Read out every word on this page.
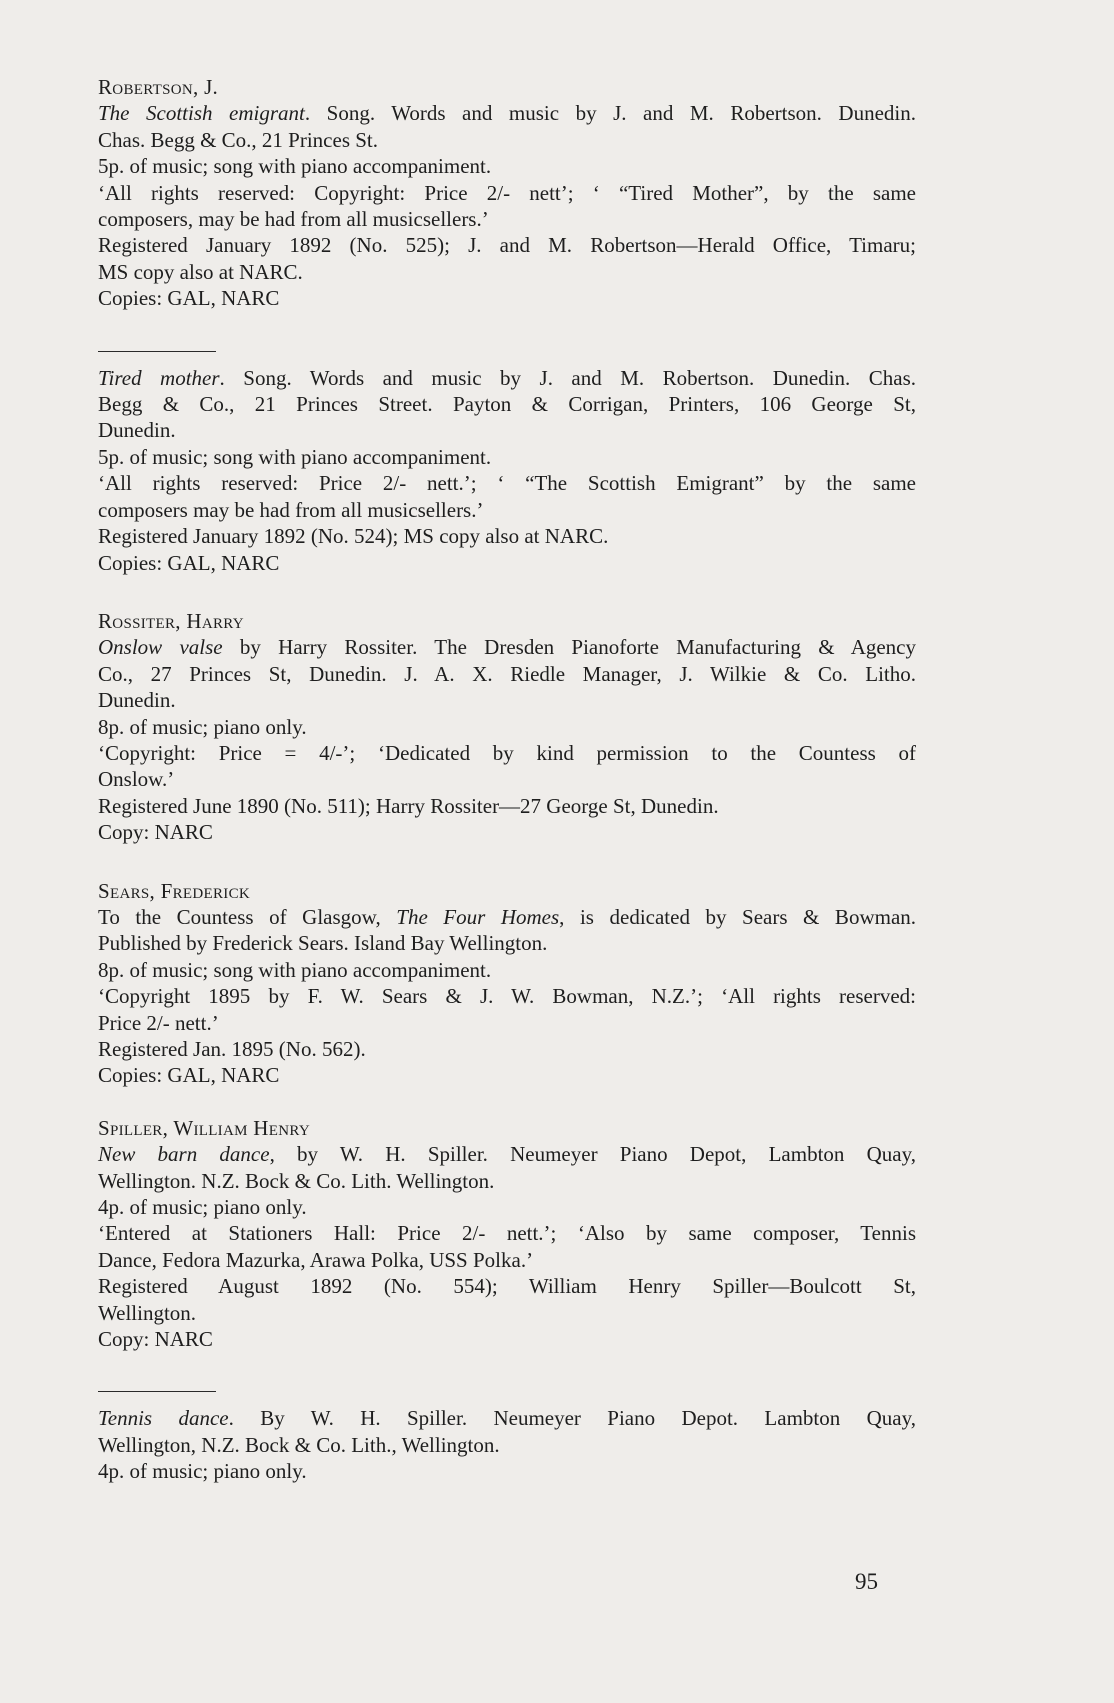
Robertson, J.
The Scottish emigrant. Song. Words and music by J. and M. Robertson. Dunedin.
Chas. Begg & Co., 21 Princes St.
5p. of music; song with piano accompaniment.
‘All rights reserved: Copyright: Price 2/- nett’; ‘ “Tired Mother”, by the same
composers, may be had from all musicsellers.’
Registered January 1892 (No. 525); J. and M. Robertson—Herald Office, Timaru;
MS copy also at NARC.
Copies: GAL, NARC
Tired mother. Song. Words and music by J. and M. Robertson. Dunedin. Chas.
Begg & Co., 21 Princes Street. Payton & Corrigan, Printers, 106 George St,
Dunedin.
5p. of music; song with piano accompaniment.
‘All rights reserved: Price 2/- nett.’; ‘ “The Scottish Emigrant” by the same
composers may be had from all musicsellers.’
Registered January 1892 (No. 524); MS copy also at NARC.
Copies: GAL, NARC
Rossiter, Harry
Onslow valse by Harry Rossiter. The Dresden Pianoforte Manufacturing & Agency
Co., 27 Princes St, Dunedin. J. A. X. Riedle Manager, J. Wilkie & Co. Litho.
Dunedin.
8p. of music; piano only.
‘Copyright: Price = 4/-’; ‘Dedicated by kind permission to the Countess of
Onslow.’
Registered June 1890 (No. 511); Harry Rossiter—27 George St, Dunedin.
Copy: NARC
Sears, Frederick
To the Countess of Glasgow, The Four Homes, is dedicated by Sears & Bowman.
Published by Frederick Sears. Island Bay Wellington.
8p. of music; song with piano accompaniment.
‘Copyright 1895 by F. W. Sears & J. W. Bowman, N.Z.’; ‘All rights reserved:
Price 2/- nett.’
Registered Jan. 1895 (No. 562).
Copies: GAL, NARC
Spiller, William Henry
New barn dance, by W. H. Spiller. Neumeyer Piano Depot, Lambton Quay,
Wellington. N.Z. Bock & Co. Lith. Wellington.
4p. of music; piano only.
‘Entered at Stationers Hall: Price 2/- nett.’; ‘Also by same composer, Tennis
Dance, Fedora Mazurka, Arawa Polka, USS Polka.’
Registered August 1892 (No. 554); William Henry Spiller—Boulcott St,
Wellington.
Copy: NARC
Tennis dance. By W. H. Spiller. Neumeyer Piano Depot. Lambton Quay,
Wellington, N.Z. Bock & Co. Lith., Wellington.
4p. of music; piano only.
95
